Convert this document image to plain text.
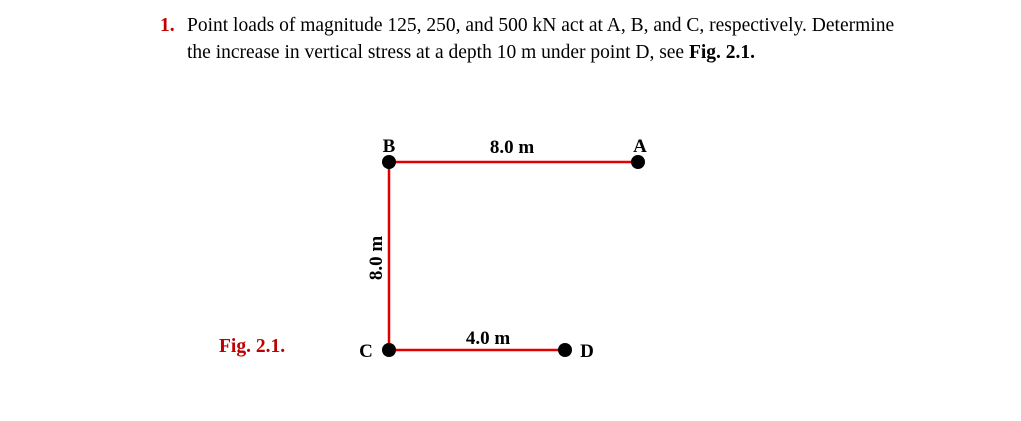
1. Point loads of magnitude 125, 250, and 500 kN act at A, B, and C, respectively. Determine the increase in vertical stress at a depth 10 m under point D, see Fig. 2.1.
B	A
C	D
8.0 m
4.0 m
8.0 m
Fig. 2.1.
